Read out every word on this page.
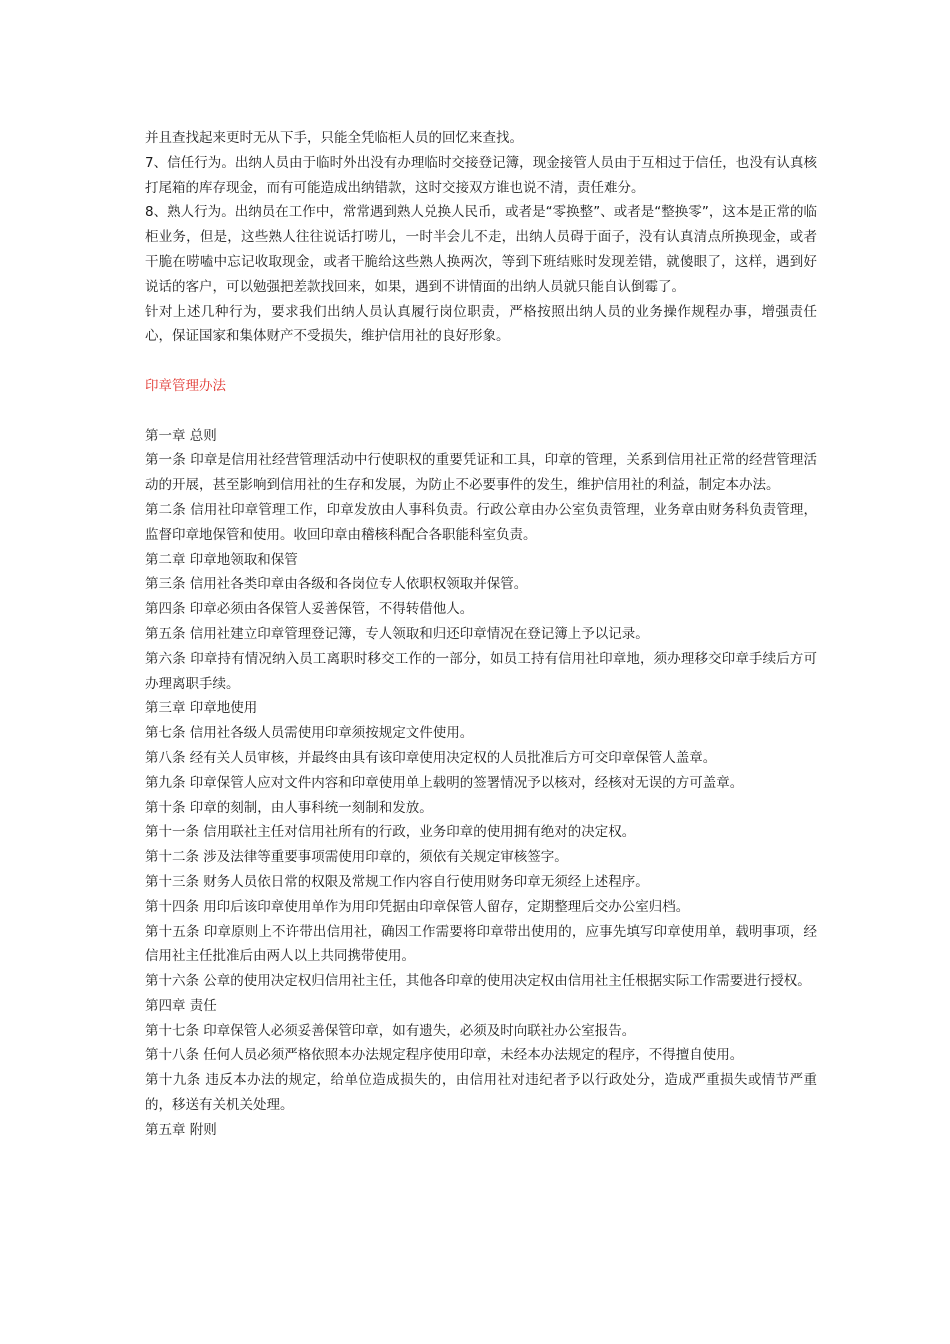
并且查找起来更时无从下手，只能全凭临柜人员的回忆来查找。

7、信任行为。出纳人员由于临时外出没有办理临时交接登记簿，现金接管人员由于互相过于信任，也没有认真核打尾箱的库存现金，而有可能造成出纳错款，这时交接双方谁也说不清，责任难分。

8、熟人行为。出纳员在工作中，常常遇到熟人兑换人民币，或者是“零换整”、或者是“整换零”，这本是正常的临柜业务，但是，这些熟人往往说话打唠儿，一时半会儿不走，出纳人员碍于面子，没有认真清点所换现金，或者干脆在唠嗑中忘记收取现金，或者干脆给这些熟人换两次，等到下班结账时发现差错，就傻眼了，这样，遇到好说话的客户，可以勉强把差款找回来，如果，遇到不讲情面的出纳人员就只能自认倒霉了。

针对上述几种行为，要求我们出纳人员认真履行岗位职责，严格按照出纳人员的业务操作规程办事，增强责任心，保证国家和集体财产不受损失，维护信用社的良好形象。

印章管理办法

第一章 总则

第一条 印章是信用社经营管理活动中行使职权的重要凭证和工具，印章的管理，关系到信用社正常的经营管理活动的开展，甚至影响到信用社的生存和发展，为防止不必要事件的发生，维护信用社的利益，制定本办法。

第二条 信用社印章管理工作，印章发放由人事科负责。行政公章由办公室负责管理，业务章由财务科负责管理，监督印章地保管和使用。收回印章由稽核科配合各职能科室负责。

第二章 印章地领取和保管

第三条 信用社各类印章由各级和各岗位专人依职权领取并保管。

第四条 印章必须由各保管人妥善保管，不得转借他人。

第五条 信用社建立印章管理登记簿，专人领取和归还印章情况在登记簿上予以记录。

第六条 印章持有情况纳入员工离职时移交工作的一部分，如员工持有信用社印章地，须办理移交印章手续后方可办理离职手续。

第三章 印章地使用

第七条 信用社各级人员需使用印章须按规定文件使用。

第八条 经有关人员审核，并最终由具有该印章使用决定权的人员批准后方可交印章保管人盖章。

第九条 印章保管人应对文件内容和印章使用单上载明的签署情况予以核对，经核对无误的方可盖章。

第十条 印章的刻制，由人事科统一刻制和发放。

第十一条 信用联社主任对信用社所有的行政，业务印章的使用拥有绝对的决定权。

第十二条 涉及法律等重要事项需使用印章的，须依有关规定审核签字。

第十三条 财务人员依日常的权限及常规工作内容自行使用财务印章无须经上述程序。

第十四条 用印后该印章使用单作为用印凭据由印章保管人留存，定期整理后交办公室归档。

第十五条 印章原则上不许带出信用社，确因工作需要将印章带出使用的，应事先填写印章使用单，载明事项，经信用社主任批准后由两人以上共同携带使用。

第十六条 公章的使用决定权归信用社主任，其他各印章的使用决定权由信用社主任根据实际工作需要进行授权。

第四章 责任

第十七条 印章保管人必须妥善保管印章，如有遗失，必须及时向联社办公室报告。

第十八条 任何人员必须严格依照本办法规定程序使用印章，未经本办法规定的程序，不得擅自使用。

第十九条 违反本办法的规定，给单位造成损失的，由信用社对违纪者予以行政处分，造成严重损失或情节严重的，移送有关机关处理。

第五章 附则
